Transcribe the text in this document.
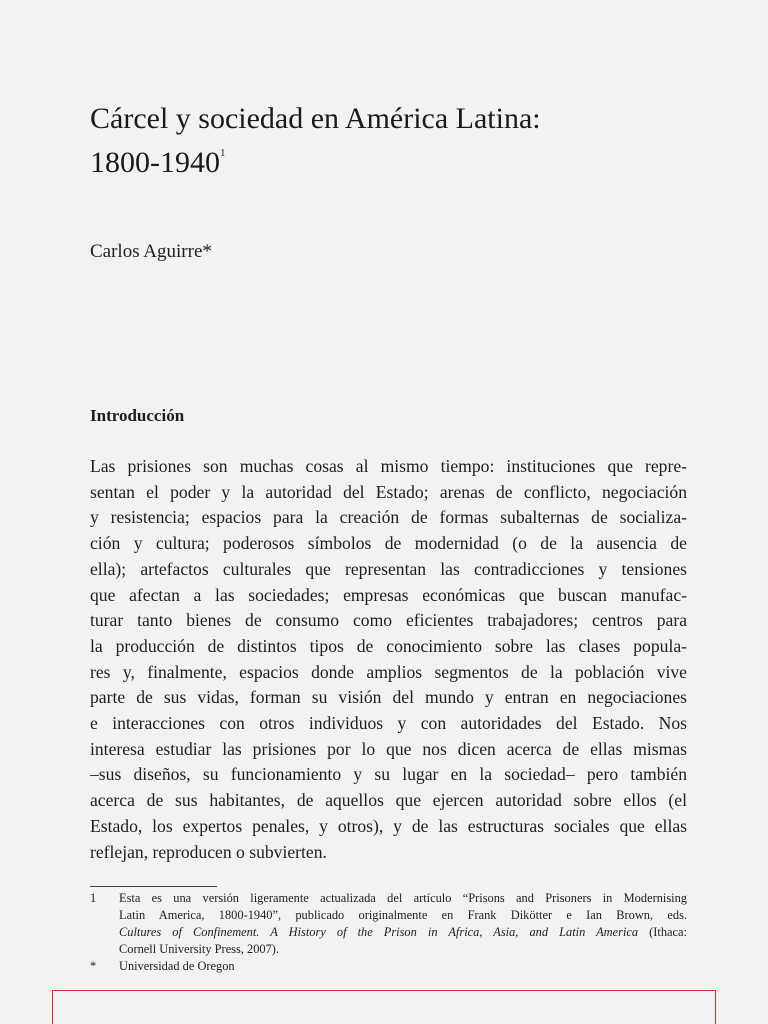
Cárcel y sociedad en América Latina:
1800-1940$^1$

Carlos Aguirre*

Introducción

Las prisiones son muchas cosas al mismo tiempo: instituciones que repre-
sentan el poder y la autoridad del Estado; arenas de conflicto, negociación
y resistencia; espacios para la creación de formas subalternas de socializa-
ción y cultura; poderosos símbolos de modernidad (o de la ausencia de
ella); artefactos culturales que representan las contradicciones y tensiones
que afectan a las sociedades; empresas económicas que buscan manufac-
turar tanto bienes de consumo como eficientes trabajadores; centros para
la producción de distintos tipos de conocimiento sobre las clases popula-
res y, finalmente, espacios donde amplios segmentos de la población vive
parte de sus vidas, forman su visión del mundo y entran en negociaciones
e interacciones con otros individuos y con autoridades del Estado. Nos
interesa estudiar las prisiones por lo que nos dicen acerca de ellas mismas
–sus diseños, su funcionamiento y su lugar en la sociedad– pero también
acerca de sus habitantes, de aquellos que ejercen autoridad sobre ellos (el
Estado, los expertos penales, y otros), y de las estructuras sociales que ellas
reflejan, reproducen o subvierten.

1 Esta es una versión ligeramente actualizada del artículo “Prisons and Prisoners in Modernising
Latin America, 1800-1940”, publicado originalmente en Frank Dikötter e Ian Brown, eds.
Cultures of Confinement. A History of the Prison in Africa, Asia, and Latin America (Ithaca:
Cornell University Press, 2007).

* Universidad de Oregon
